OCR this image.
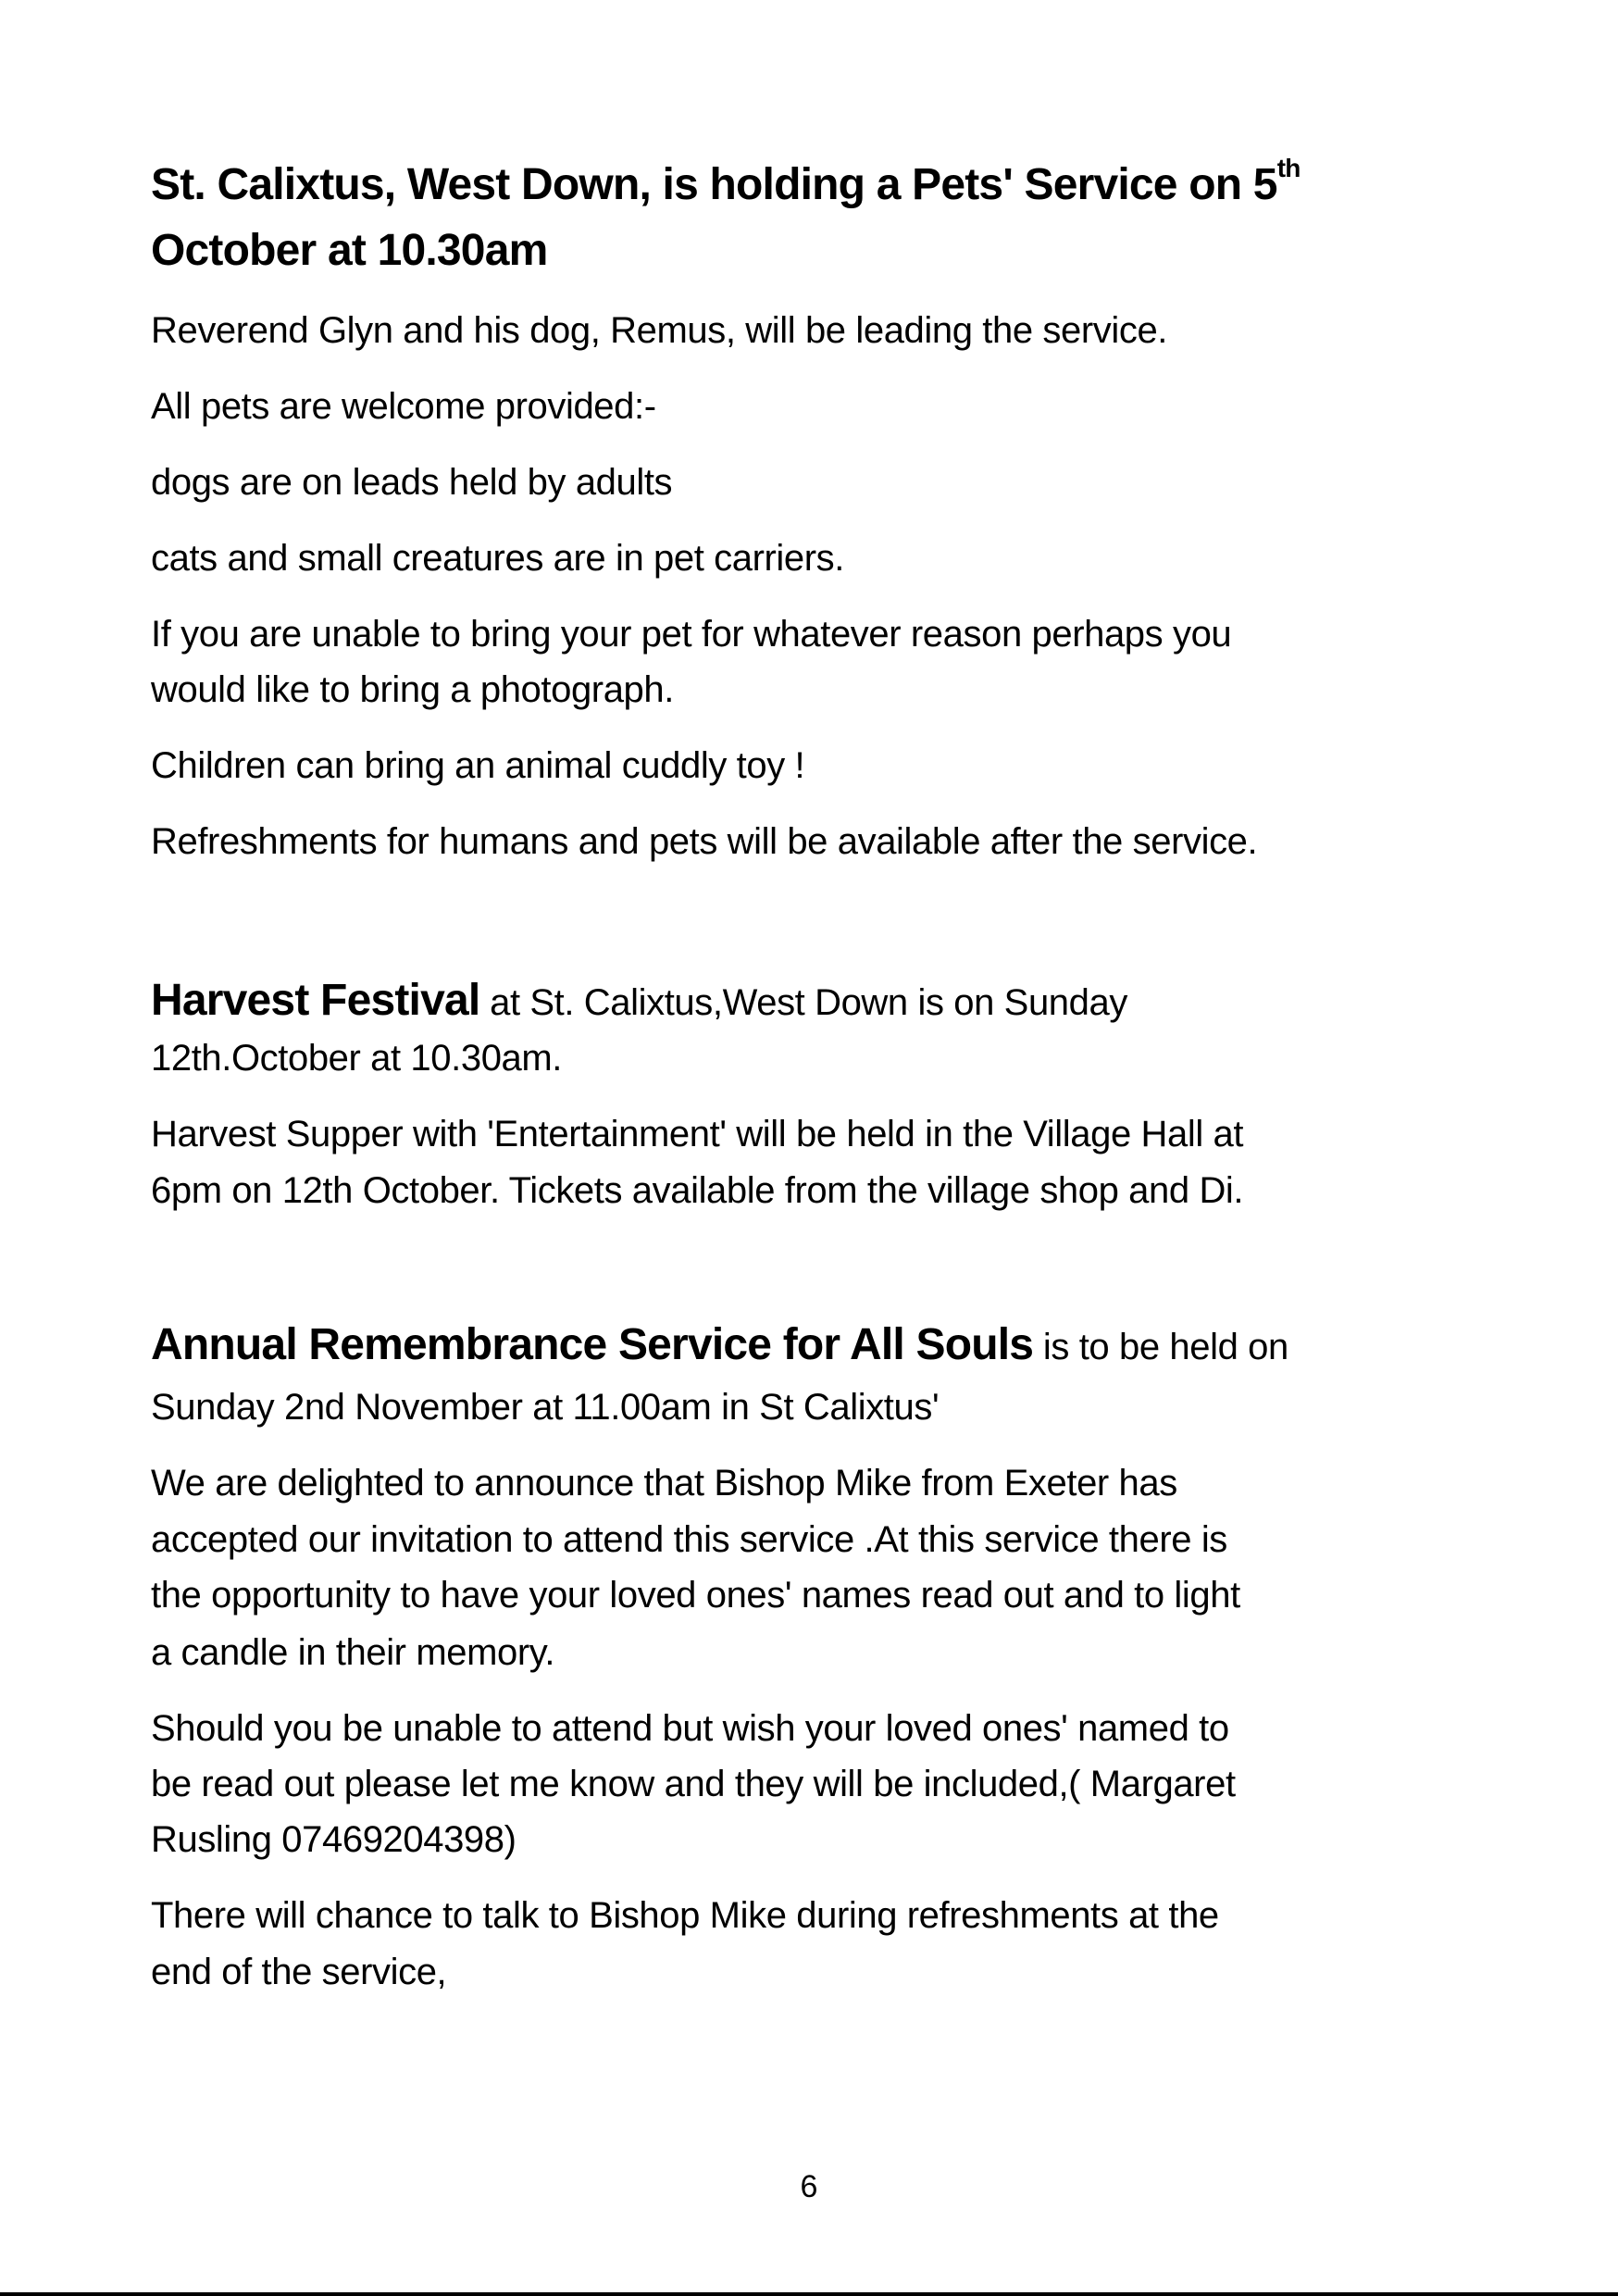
St. Calixtus, West Down, is holding a Pets' Service on 5th
October at 10.30am
Reverend Glyn and his dog, Remus, will be leading the service.
All pets are welcome provided:-
dogs are on leads held by adults
cats and small creatures are in pet carriers.
If you are unable to bring your pet for whatever reason perhaps you
would like to bring a photograph.
Children can bring an animal cuddly toy !
Refreshments for humans and pets will be available after the service.
Harvest Festival at St. Calixtus,West Down is on Sunday
12th.October at 10.30am.
Harvest Supper with 'Entertainment' will be held in the Village Hall at
6pm on 12th October. Tickets available from the village shop and Di.
Annual Remembrance Service for All Souls is to be held on
Sunday 2nd November at 11.00am in St Calixtus'
We are delighted to announce that Bishop Mike from Exeter has
accepted our invitation to attend this service .At this service there is
the opportunity to have your loved ones' names read out and to light
a candle in their memory.
Should you be unable to attend but wish your loved ones' named to
be read out please let me know and they will be included,( Margaret
Rusling 07469204398)
There will chance to talk to Bishop Mike during refreshments at the
end of the service,
6
